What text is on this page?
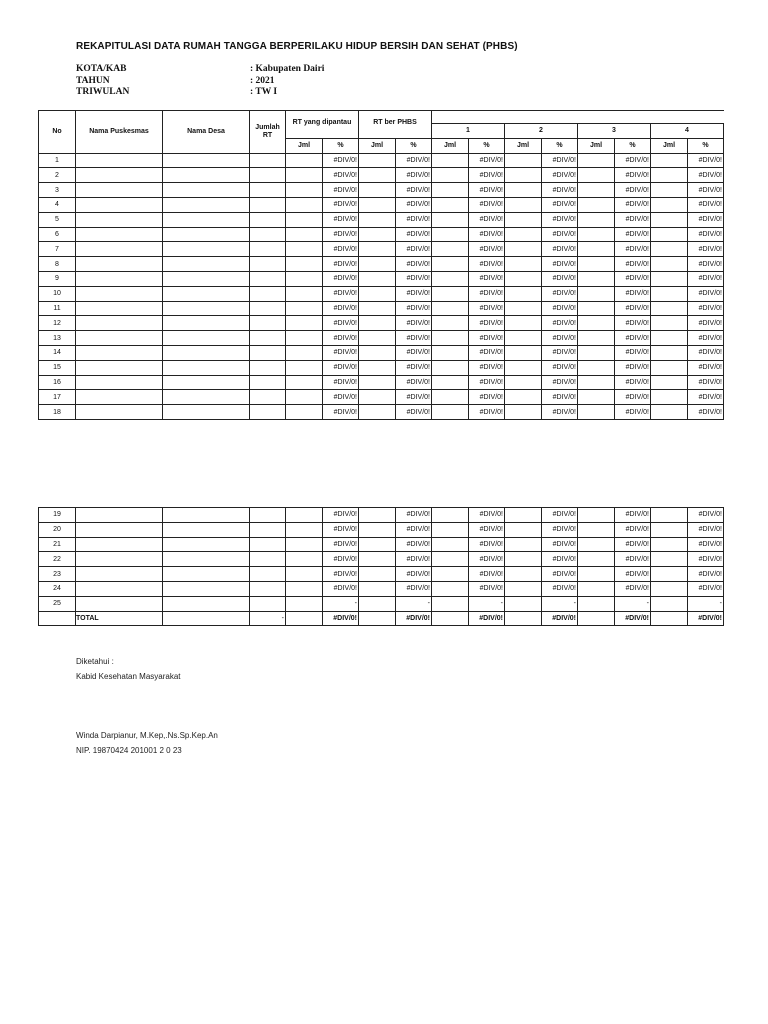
REKAPITULASI DATA RUMAH TANGGA BERPERILAKU HIDUP BERSIH DAN SEHAT (PHBS)
KOTA/KAB	: Kabupaten Dairi
TAHUN	: 2021
TRIWULAN	: TW I
No	Nama Puskesmas	Nama Desa	Jumlah RT	RT yang dipantau		RT ber PHBS									
								1		2		3		4	
				Jml	%	Jml	%	Jml	%	Jml	%	Jml	%	Jml	%
1					#DIV/0!		#DIV/0!		#DIV/0!		#DIV/0!		#DIV/0!		#DIV/0!
2					#DIV/0!		#DIV/0!		#DIV/0!		#DIV/0!		#DIV/0!		#DIV/0!
3					#DIV/0!		#DIV/0!		#DIV/0!		#DIV/0!		#DIV/0!		#DIV/0!
4					#DIV/0!		#DIV/0!		#DIV/0!		#DIV/0!		#DIV/0!		#DIV/0!
5					#DIV/0!		#DIV/0!		#DIV/0!		#DIV/0!		#DIV/0!		#DIV/0!
6					#DIV/0!		#DIV/0!		#DIV/0!		#DIV/0!		#DIV/0!		#DIV/0!
7					#DIV/0!		#DIV/0!		#DIV/0!		#DIV/0!		#DIV/0!		#DIV/0!
8					#DIV/0!		#DIV/0!		#DIV/0!		#DIV/0!		#DIV/0!		#DIV/0!
9					#DIV/0!		#DIV/0!		#DIV/0!		#DIV/0!		#DIV/0!		#DIV/0!
10					#DIV/0!		#DIV/0!		#DIV/0!		#DIV/0!		#DIV/0!		#DIV/0!
11					#DIV/0!		#DIV/0!		#DIV/0!		#DIV/0!		#DIV/0!		#DIV/0!
12					#DIV/0!		#DIV/0!		#DIV/0!		#DIV/0!		#DIV/0!		#DIV/0!
13					#DIV/0!		#DIV/0!		#DIV/0!		#DIV/0!		#DIV/0!		#DIV/0!
14					#DIV/0!		#DIV/0!		#DIV/0!		#DIV/0!		#DIV/0!		#DIV/0!
15					#DIV/0!		#DIV/0!		#DIV/0!		#DIV/0!		#DIV/0!		#DIV/0!
16					#DIV/0!		#DIV/0!		#DIV/0!		#DIV/0!		#DIV/0!		#DIV/0!
17					#DIV/0!		#DIV/0!		#DIV/0!		#DIV/0!		#DIV/0!		#DIV/0!
18					#DIV/0!		#DIV/0!		#DIV/0!		#DIV/0!		#DIV/0!		#DIV/0!
19					#DIV/0!		#DIV/0!		#DIV/0!		#DIV/0!		#DIV/0!		#DIV/0!
20					#DIV/0!		#DIV/0!		#DIV/0!		#DIV/0!		#DIV/0!		#DIV/0!
21					#DIV/0!		#DIV/0!		#DIV/0!		#DIV/0!		#DIV/0!		#DIV/0!
22					#DIV/0!		#DIV/0!		#DIV/0!		#DIV/0!		#DIV/0!		#DIV/0!
23					#DIV/0!		#DIV/0!		#DIV/0!		#DIV/0!		#DIV/0!		#DIV/0!
24					#DIV/0!		#DIV/0!		#DIV/0!		#DIV/0!		#DIV/0!		#DIV/0!
25					-		-		-		-		-		-
	TOTAL		-		#DIV/0!		#DIV/0!		#DIV/0!		#DIV/0!		#DIV/0!		#DIV/0!
Diketahui :
Kabid Kesehatan Masyarakat
Winda Darpianur, M.Kep,.Ns.Sp.Kep.An
NIP. 19870424 201001 2 0 23
